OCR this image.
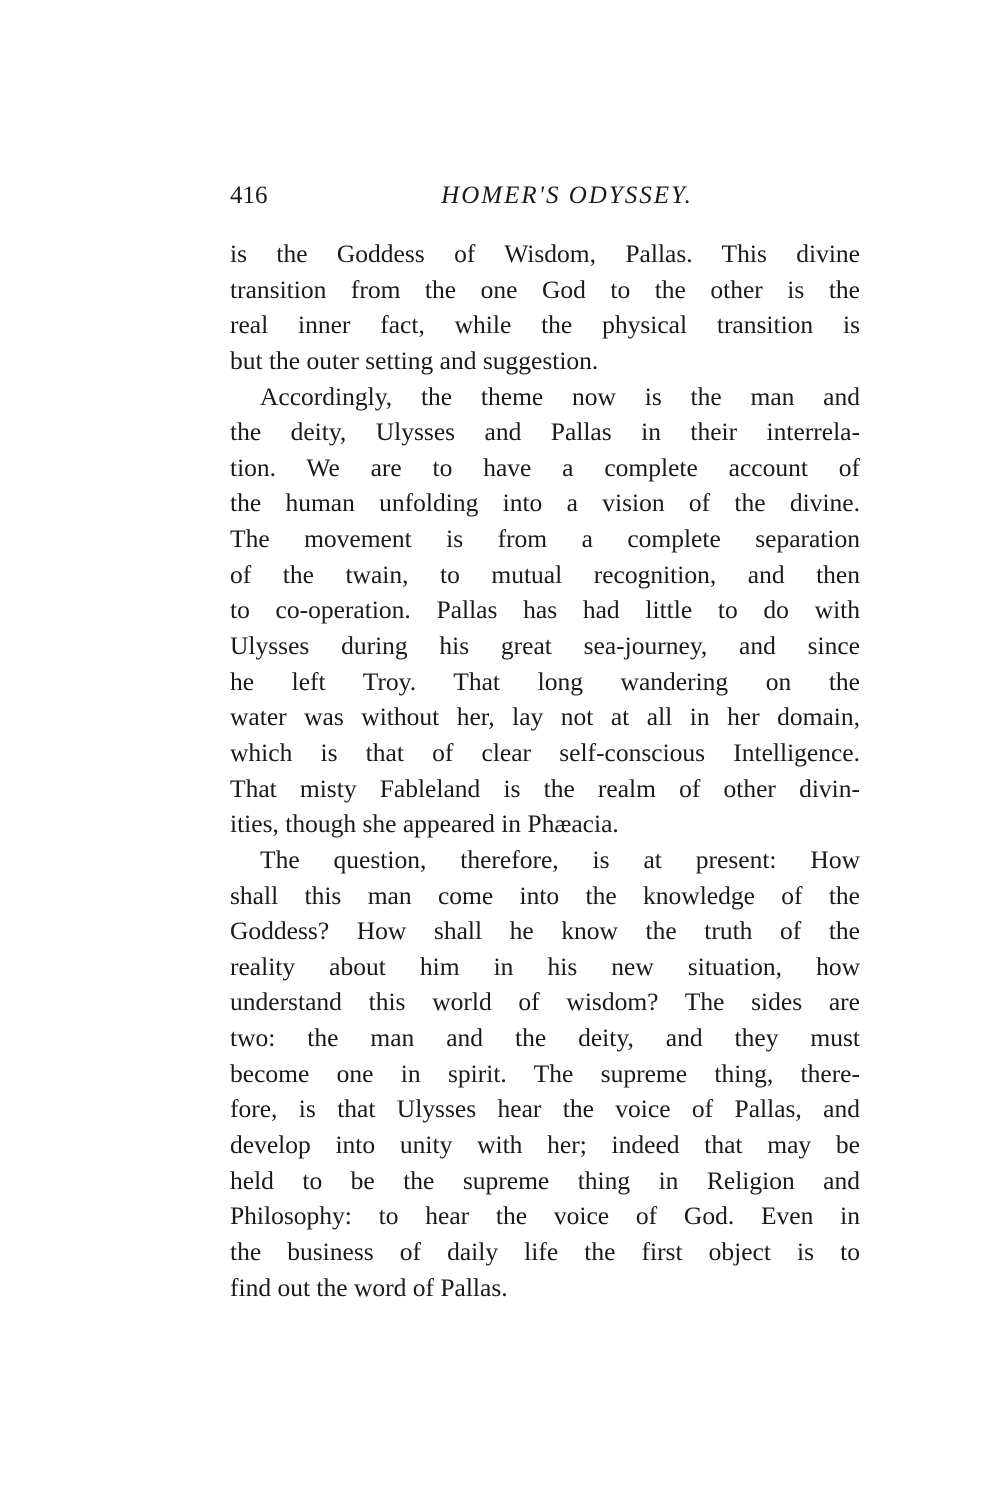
416	HOMER'S ODYSSEY.
is the Goddess of Wisdom, Pallas. This divine
transition from the one God to the other is the
real inner fact, while the physical transition is
but the outer setting and suggestion.
Accordingly, the theme now is the man and
the deity, Ulysses and Pallas in their interrela-
tion. We are to have a complete account of
the human unfolding into a vision of the divine.
The movement is from a complete separation
of the twain, to mutual recognition, and then
to co-operation. Pallas has had little to do with
Ulysses during his great sea-journey, and since
he left Troy. That long wandering on the
water was without her, lay not at all in her domain,
which is that of clear self-conscious Intelligence.
That misty Fableland is the realm of other divin-
ities, though she appeared in Phæacia.
The question, therefore, is at present: How
shall this man come into the knowledge of the
Goddess? How shall he know the truth of the
reality about him in his new situation, how
understand this world of wisdom? The sides are
two: the man and the deity, and they must
become one in spirit. The supreme thing, there-
fore, is that Ulysses hear the voice of Pallas, and
develop into unity with her; indeed that may be
held to be the supreme thing in Religion and
Philosophy: to hear the voice of God. Even in
the business of daily life the first object is to
find out the word of Pallas.
